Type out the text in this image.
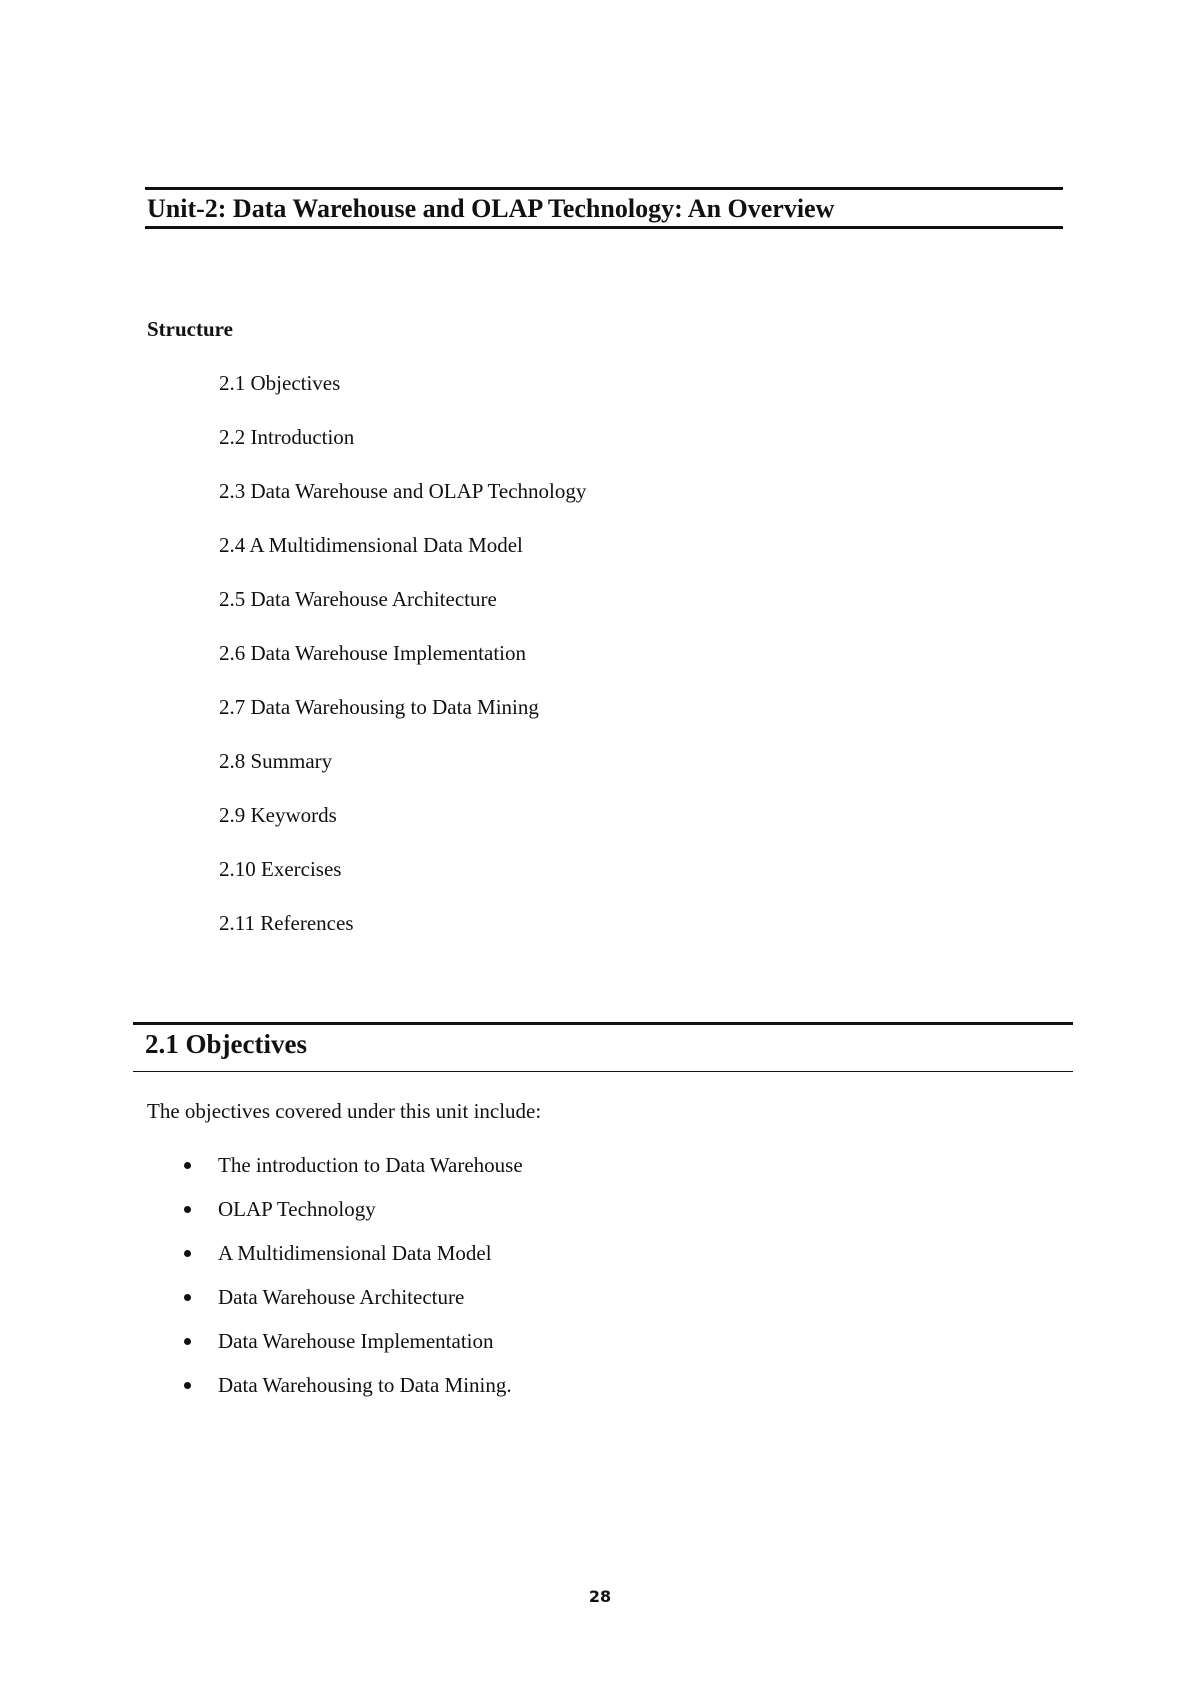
Unit-2: Data Warehouse and OLAP Technology: An Overview
Structure
2.1 Objectives
2.2 Introduction
2.3 Data Warehouse and OLAP Technology
2.4 A Multidimensional Data Model
2.5 Data Warehouse Architecture
2.6 Data Warehouse Implementation
2.7 Data Warehousing to Data Mining
2.8 Summary
2.9 Keywords
2.10 Exercises
2.11 References
2.1 Objectives
The objectives covered under this unit include:
The introduction to Data Warehouse
OLAP Technology
A Multidimensional Data Model
Data Warehouse Architecture
Data Warehouse Implementation
Data Warehousing to Data Mining.
28
